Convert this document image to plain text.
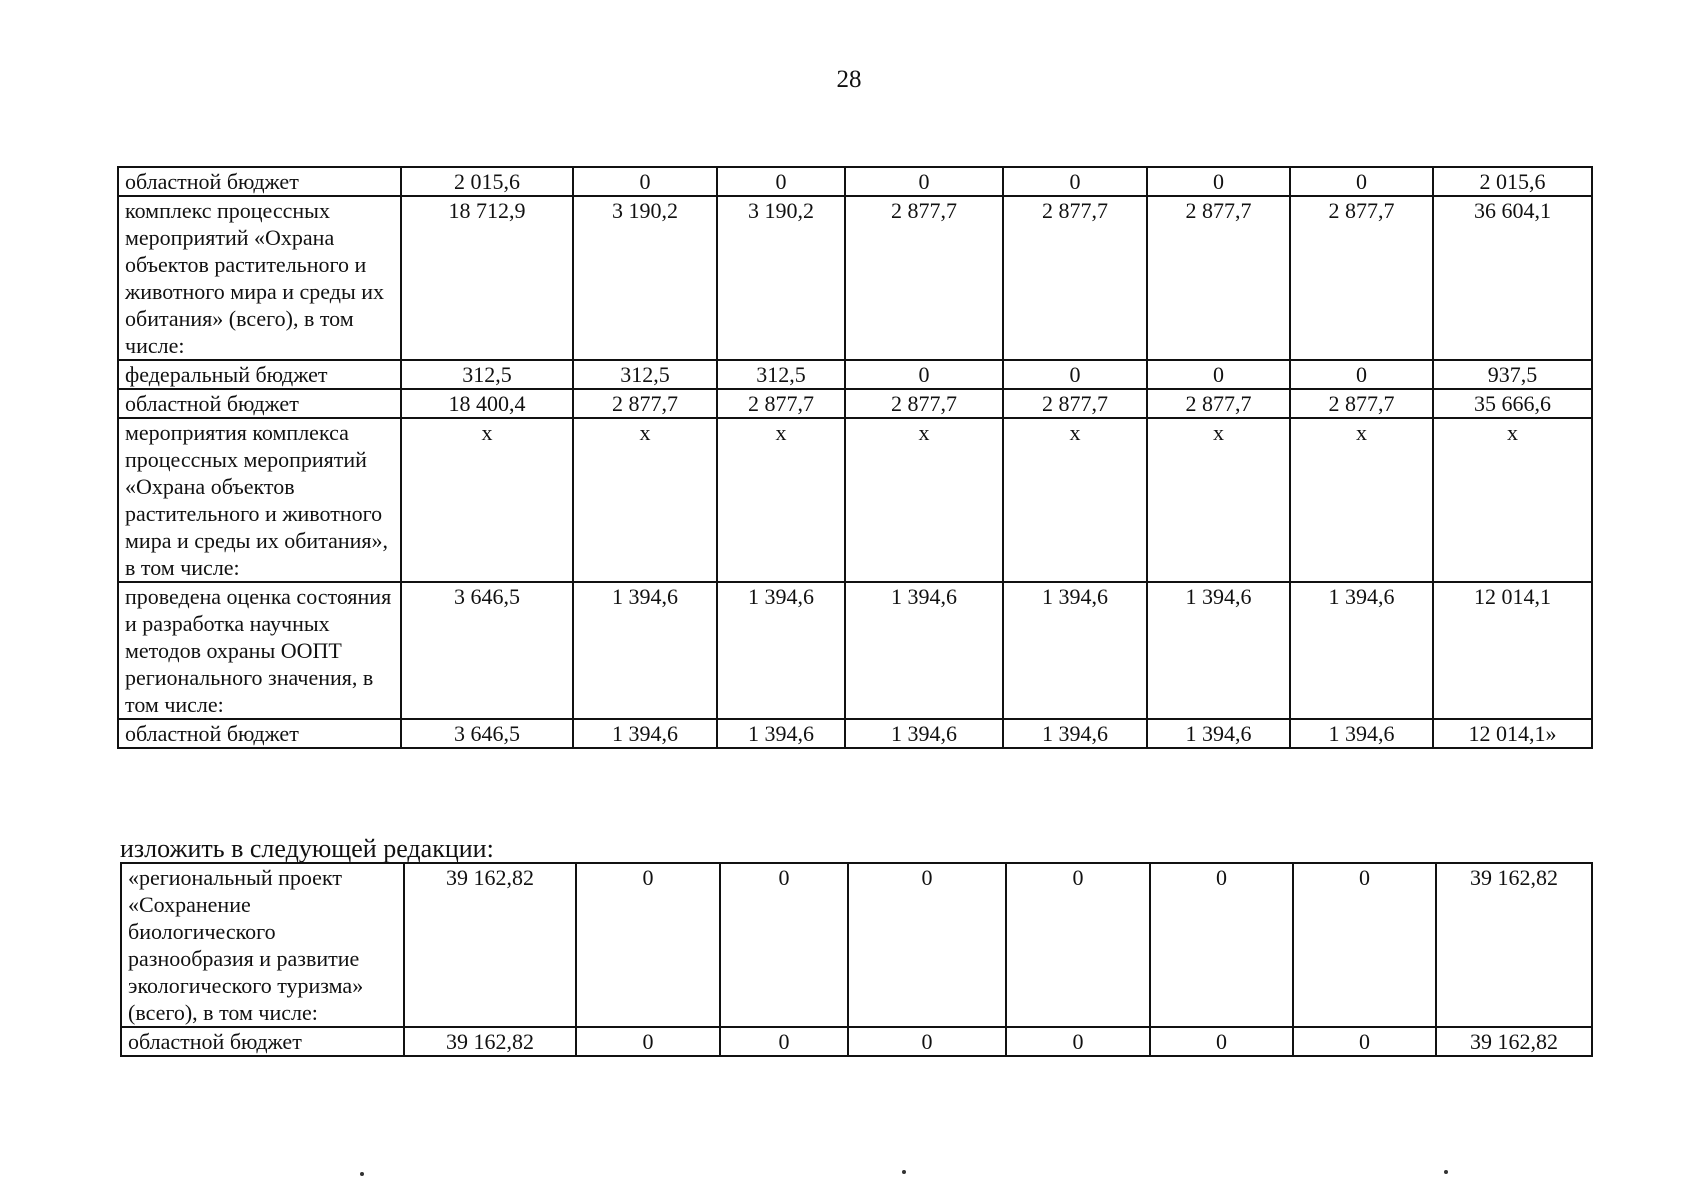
28
областной бюджет	2 015,6	0	0	0	0	0	0	2 015,6
комплекс процессных мероприятий «Охрана объектов растительного и животного мира и среды их обитания» (всего), в том числе:	18 712,9	3 190,2	3 190,2	2 877,7	2 877,7	2 877,7	2 877,7	36 604,1
федеральный бюджет	312,5	312,5	312,5	0	0	0	0	937,5
областной бюджет	18 400,4	2 877,7	2 877,7	2 877,7	2 877,7	2 877,7	2 877,7	35 666,6
мероприятия комплекса процессных мероприятий «Охрана объектов растительного и животного мира и среды их обитания», в том числе:	х	х	х	х	х	х	х	х
проведена оценка состояния и разработка научных методов охраны ООПТ регионального значения, в том числе:	3 646,5	1 394,6	1 394,6	1 394,6	1 394,6	1 394,6	1 394,6	12 014,1
областной бюджет	3 646,5	1 394,6	1 394,6	1 394,6	1 394,6	1 394,6	1 394,6	12 014,1»
изложить в следующей редакции:
«региональный проект «Сохранение биологического разнообразия и развитие экологического туризма» (всего), в том числе:	39 162,82	0	0	0	0	0	0	39 162,82
областной бюджет	39 162,82	0	0	0	0	0	0	39 162,82
